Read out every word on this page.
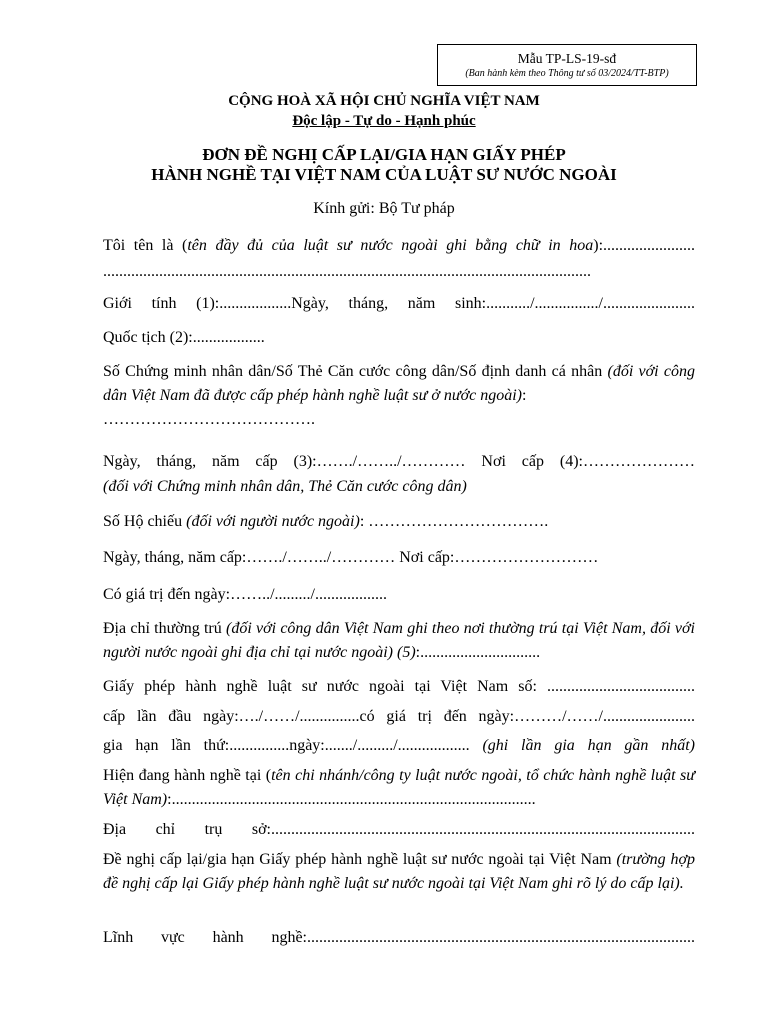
Mẫu TP-LS-19-sđ
(Ban hành kèm theo Thông tư số 03/2024/TT-BTP)
CỘNG HOÀ XÃ HỘI CHỦ NGHĨA VIỆT NAM
Độc lập - Tự do - Hạnh phúc
ĐƠN ĐỀ NGHỊ CẤP LẠI/GIA HẠN GIẤY PHÉP
HÀNH NGHỀ TẠI VIỆT NAM CỦA LUẬT SƯ NƯỚC NGOÀI
Kính gửi: Bộ Tư pháp
Tôi tên là (tên đầy đủ của luật sư nước ngoài ghi bằng chữ in hoa):.......................
..........................................................................................................................
Giới tính (1):..................Ngày, tháng, năm sinh:.........../................/.......................
Quốc tịch (2):..................
Số Chứng minh nhân dân/Số Thẻ Căn cước công dân/Số định danh cá nhân (đối với công dân Việt Nam đã được cấp phép hành nghề luật sư ở nước ngoài):
………………………………….
Ngày, tháng, năm cấp (3):……./……../………… Nơi cấp (4):…………………
(đối với Chứng minh nhân dân, Thẻ Căn cước công dân)
Số Hộ chiếu (đối với người nước ngoài): …………………………….
Ngày, tháng, năm cấp:……./……../………… Nơi cấp:………………………
Có giá trị đến ngày:……../........./..................
Địa chỉ thường trú (đối với công dân Việt Nam ghi theo nơi thường trú tại Việt Nam, đối với người nước ngoài ghi địa chỉ tại nước ngoài) (5):..............................
Giấy phép hành nghề luật sư nước ngoài tại Việt Nam số: .....................................
cấp lần đầu ngày:…./……/...............có giá trị đến ngày:………/……/.......................
gia hạn lần thứ:...............ngày:......./........./.................. (ghi lần gia hạn gần nhất)
Hiện đang hành nghề tại (tên chi nhánh/công ty luật nước ngoài, tổ chức hành nghề luật sư Việt Nam):...........................................................................................
Địa chỉ trụ sở:..........................................................................................................
Đề nghị cấp lại/gia hạn Giấy phép hành nghề luật sư nước ngoài tại Việt Nam (trường hợp đề nghị cấp lại Giấy phép hành nghề luật sư nước ngoài tại Việt Nam ghi rõ lý do cấp lại).
Lĩnh vực hành nghề:.................................................................................................
